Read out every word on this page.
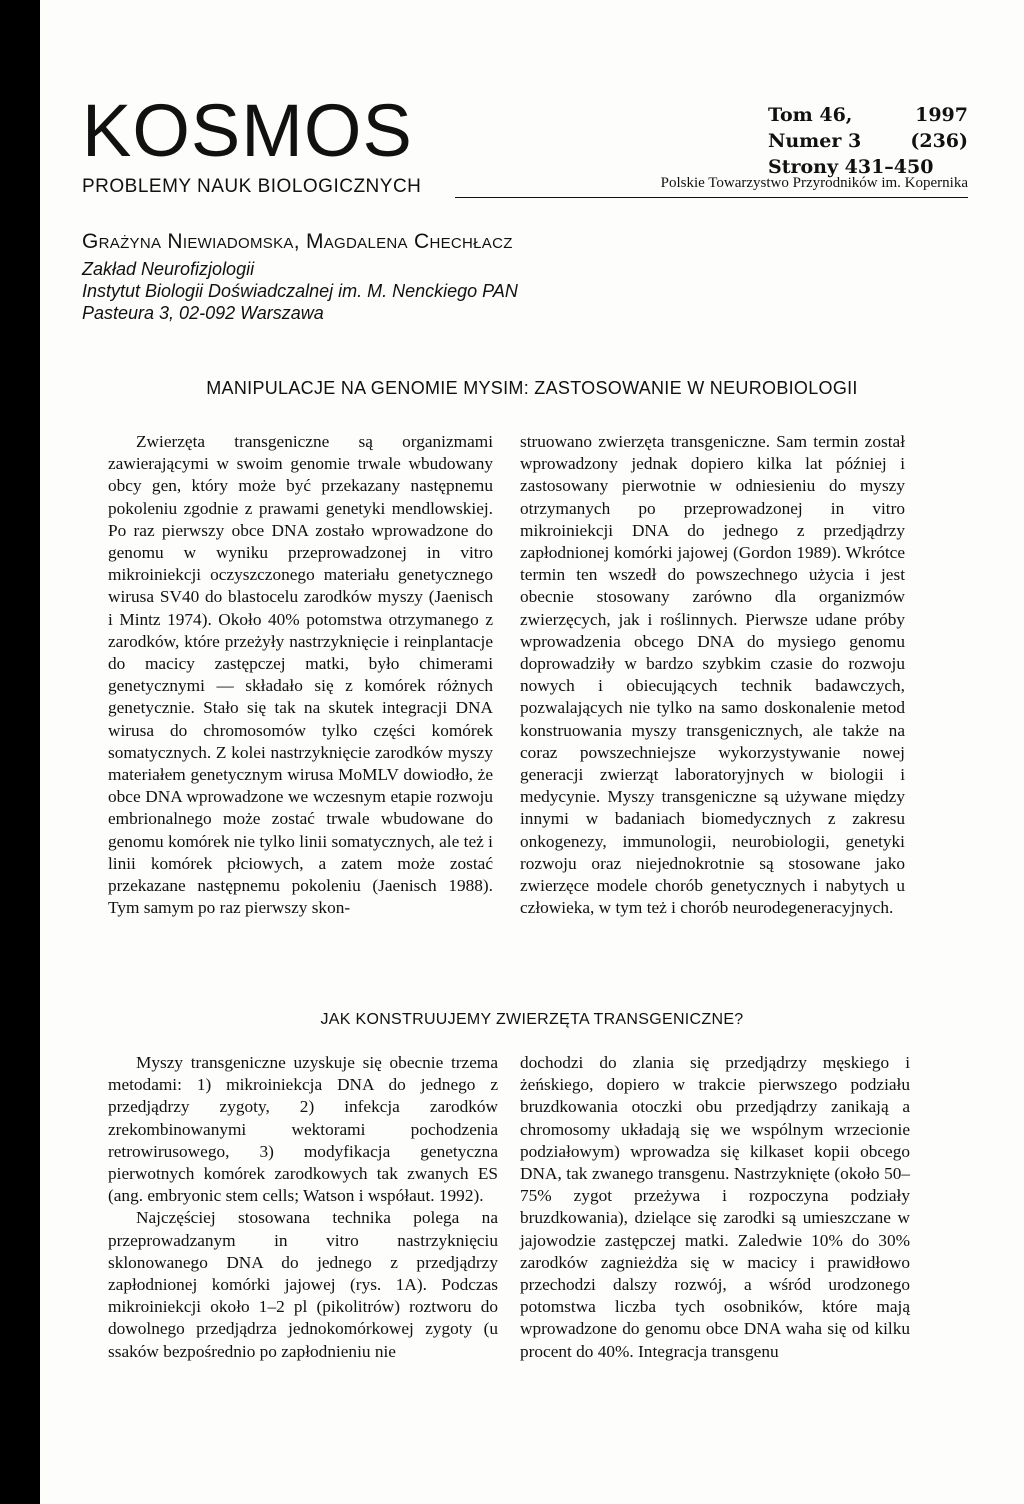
KOSMOS
PROBLEMY NAUK BIOLOGICZNYCH
Tom 46,	1997
Numer 3	(236)
Strony 431–450
Polskie Towarzystwo Przyrodników im. Kopernika
Grażyna Niewiadomska, Magdalena Chechłacz
Zakład Neurofizjologii
Instytut Biologii Doświadczalnej im. M. Nenckiego PAN
Pasteura 3, 02-092 Warszawa
MANIPULACJE NA GENOMIE MYSIM: ZASTOSOWANIE W NEUROBIOLOGII
Zwierzęta transgeniczne są organizmami zawierającymi w swoim genomie trwale wbudowany obcy gen, który może być przekazany następnemu pokoleniu zgodnie z prawami genetyki mendlowskiej. Po raz pierwszy obce DNA zostało wprowadzone do genomu w wyniku przeprowadzonej in vitro mikroiniekcji oczyszczonego materiału genetycznego wirusa SV40 do blastocelu zarodków myszy (Jaenisch i Mintz 1974). Około 40% potomstwa otrzymanego z zarodków, które przeżyły nastrzyknięcie i reinplantacje do macicy zastępczej matki, było chimerami genetycznymi — składało się z komórek różnych genetycznie. Stało się tak na skutek integracji DNA wirusa do chromosomów tylko części komórek somatycznych. Z kolei nastrzyknięcie zarodków myszy materiałem genetycznym wirusa MoMLV dowiodło, że obce DNA wprowadzone we wczesnym etapie rozwoju embrionalnego może zostać trwale wbudowane do genomu komórek nie tylko linii somatycznych, ale też i linii komórek płciowych, a zatem może zostać przekazane następnemu pokoleniu (Jaenisch 1988). Tym samym po raz pierwszy skon-
struowano zwierzęta transgeniczne. Sam termin został wprowadzony jednak dopiero kilka lat później i zastosowany pierwotnie w odniesieniu do myszy otrzymanych po przeprowadzonej in vitro mikroiniekcji DNA do jednego z przedjądrzy zapłodnionej komórki jajowej (Gordon 1989). Wkrótce termin ten wszedł do powszechnego użycia i jest obecnie stosowany zarówno dla organizmów zwierzęcych, jak i roślinnych. Pierwsze udane próby wprowadzenia obcego DNA do mysiego genomu doprowadziły w bardzo szybkim czasie do rozwoju nowych i obiecujących technik badawczych, pozwalających nie tylko na samo doskonalenie metod konstruowania myszy transgenicznych, ale także na coraz powszechniejsze wykorzystywanie nowej generacji zwierząt laboratoryjnych w biologii i medycynie. Myszy transgeniczne są używane między innymi w badaniach biomedycznych z zakresu onkogenezy, immunologii, neurobiologii, genetyki rozwoju oraz niejednokrotnie są stosowane jako zwierzęce modele chorób genetycznych i nabytych u człowieka, w tym też i chorób neurodegeneracyjnych.
JAK KONSTRUUJEMY ZWIERZĘTA TRANSGENICZNE?

Myszy transgeniczne uzyskuje się obecnie trzema metodami: 1) mikroiniekcja DNA do jednego z przedjądrzy zygoty, 2) infekcja zarodków zrekombinowanymi wektorami pochodzenia retrowirusowego, 3) modyfikacja genetyczna pierwotnych komórek zarodkowych tak zwanych ES (ang. embryonic stem cells; Watson i współaut. 1992).

Najczęściej stosowana technika polega na przeprowadzanym in vitro nastrzyknięciu sklonowanego DNA do jednego z przedjądrzy zapłodnionej komórki jajowej (rys. 1A). Podczas mikroiniekcji około 1–2 pl (pikolitrów) roztworu do dowolnego przedjądrza jednokomórkowej zygoty (u ssaków bezpośrednio po zapłodnieniu nie

dochodzi do zlania się przedjądrzy męskiego i żeńskiego, dopiero w trakcie pierwszego podziału bruzdkowania otoczki obu przedjądrzy zanikają a chromosomy układają się we wspólnym wrzecionie podziałowym) wprowadza się kilkaset kopii obcego DNA, tak zwanego transgenu. Nastrzyknięte (około 50–75% zygot przeżywa i rozpoczyna podziały bruzdkowania), dzielące się zarodki są umieszczane w jajowodzie zastępczej matki. Zaledwie 10% do 30% zarodków zagnieżdża się w macicy i prawidłowo przechodzi dalszy rozwój, a wśród urodzonego potomstwa liczba tych osobników, które mają wprowadzone do genomu obce DNA waha się od kilku procent do 40%. Integracja transgenu
